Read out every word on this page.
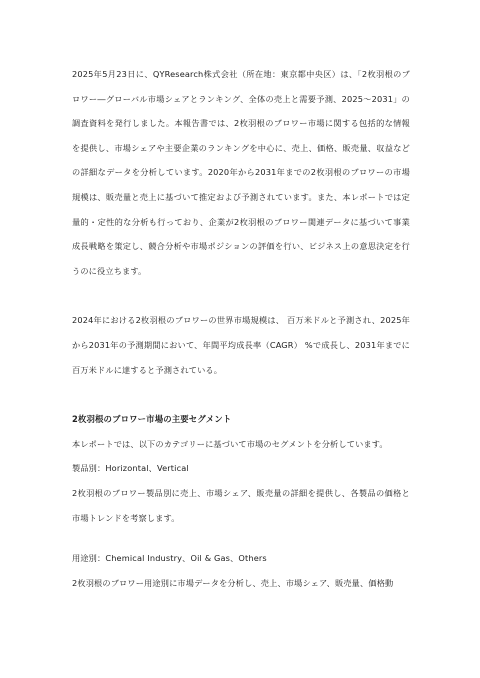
2025年5月23日に、QYResearch株式会社（所在地：東京都中央区）は、「2枚羽根のブロワー―グローバル市場シェアとランキング、全体の売上と需要予測、2025～2031」の調査資料を発行しました。本報告書では、2枚羽根のブロワー市場に関する包括的な情報を提供し、市場シェアや主要企業のランキングを中心に、売上、価格、販売量、収益などの詳細なデータを分析しています。2020年から2031年までの2枚羽根のブロワーの市場規模は、販売量と売上に基づいて推定および予測されています。また、本レポートでは定量的・定性的な分析も行っており、企業が2枚羽根のブロワー関連データに基づいて事業成長戦略を策定し、競合分析や市場ポジションの評価を行い、ビジネス上の意思決定を行うのに役立ちます。

2024年における2枚羽根のブロワーの世界市場規模は、 百万米ドルと予測され、2025年から2031年の予測期間において、年間平均成長率（CAGR） %で成長し、2031年までに 百万米ドルに達すると予測されている。

2枚羽根のブロワー市場の主要セグメント

本レポートでは、以下のカテゴリーに基づいて市場のセグメントを分析しています。

製品別：Horizontal、Vertical

2枚羽根のブロワー製品別に売上、市場シェア、販売量の詳細を提供し、各製品の価格と市場トレンドを考察します。

用途別：Chemical Industry、Oil & Gas、Others

2枚羽根のブロワー用途別に市場データを分析し、売上、市場シェア、販売量、価格動
